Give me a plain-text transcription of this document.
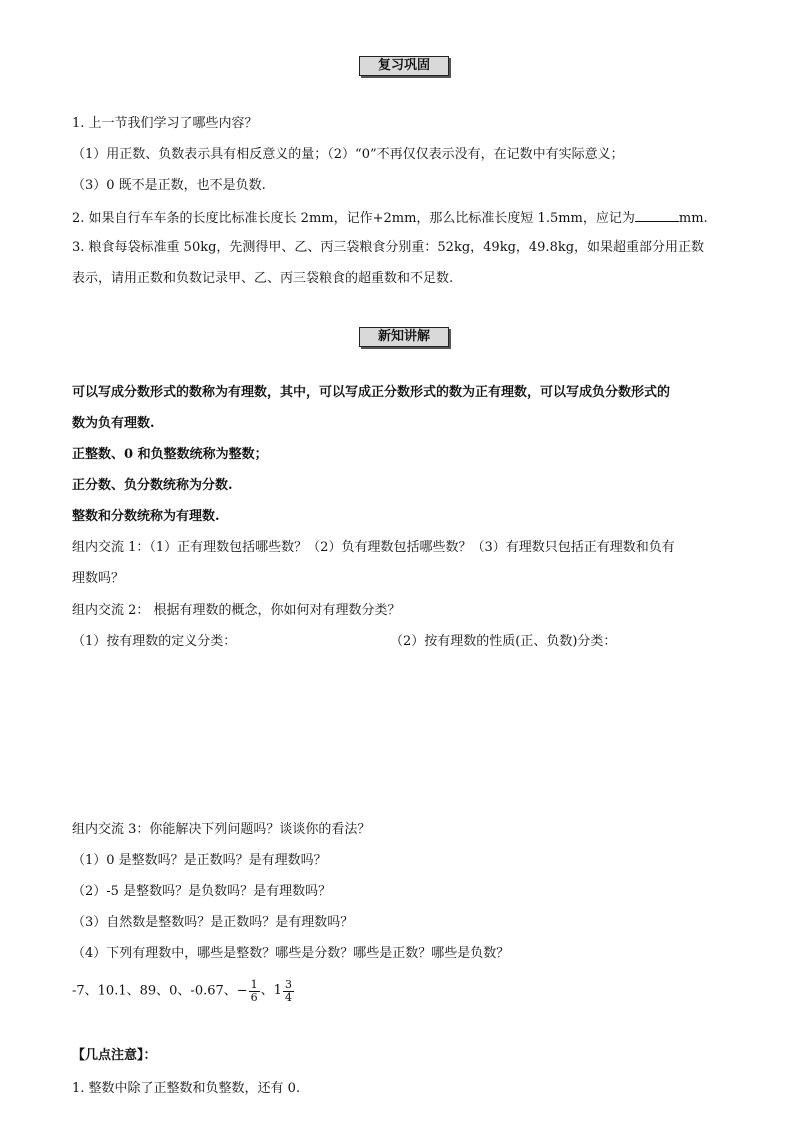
复习巩固
1. 上一节我们学习了哪些内容？
（1）用正数、负数表示具有相反意义的量；（2）“0”不再仅仅表示没有，在记数中有实际意义；
（3）0 既不是正数，也不是负数.
2. 如果自行车车条的长度比标准长度长 2mm，记作+2mm，那么比标准长度短 1.5mm，应记为	mm.
3. 粮食每袋标准重 50kg，先测得甲、乙、丙三袋粮食分别重：52kg，49kg，49.8kg，如果超重部分用正数
表示，请用正数和负数记录甲、乙、丙三袋粮食的超重数和不足数.
新知讲解
可以写成分数形式的数称为有理数，其中，可以写成正分数形式的数为正有理数，可以写成负分数形式的
数为负有理数.
正整数、0 和负整数统称为整数；
正分数、负分数统称为分数.
整数和分数统称为有理数.
组内交流 1：（1）正有理数包括哪些数？（2）负有理数包括哪些数？（3）有理数只包括正有理数和负有
理数吗？
组内交流 2： 根据有理数的概念，你如何对有理数分类？
（1）按有理数的定义分类：	（2）按有理数的性质(正、负数)分类：
组内交流 3：你能解决下列问题吗？谈谈你的看法？
（1）0 是整数吗？是正数吗？是有理数吗？
（2）-5 是整数吗？是负数吗？是有理数吗？
（3）自然数是整数吗？是正数吗？是有理数吗？
（4）下列有理数中，哪些是整数？哪些是分数？哪些是正数？哪些是负数？
-7、10.1、89、0、-0.67、− $\frac{1}{6}$ 、$1 \frac{3}{4}$
【几点注意】：
1. 整数中除了正整数和负整数，还有 0.
